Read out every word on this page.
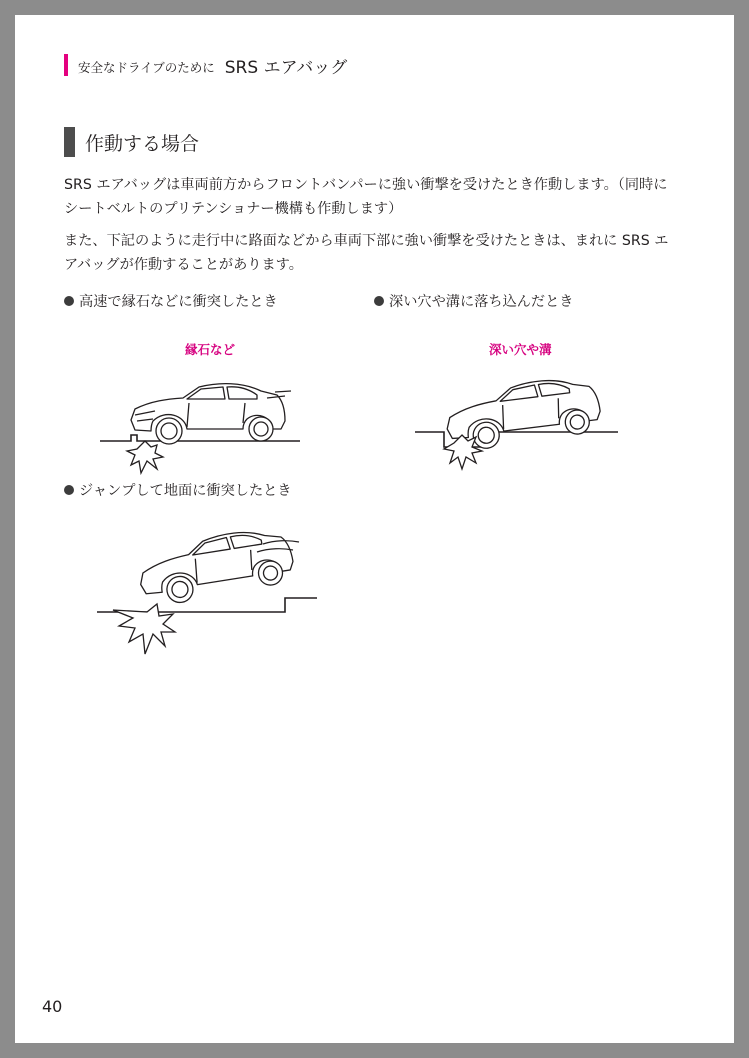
安全なドライブのために SRS エアバッグ
作動する場合

SRS エアバッグは車両前方からフロントバンパーに強い衝撃を受けたとき作動します。（同時にシートベルトのプリテンショナー機構も作動します）

また、下記のように走行中に路面などから車両下部に強い衝撃を受けたときは、まれに SRS エアバッグが作動することがあります。

高速で縁石などに衝突したとき	深い穴や溝に落ち込んだとき
ジャンプして地面に衝突したとき
縁石など	深い穴や溝
40
